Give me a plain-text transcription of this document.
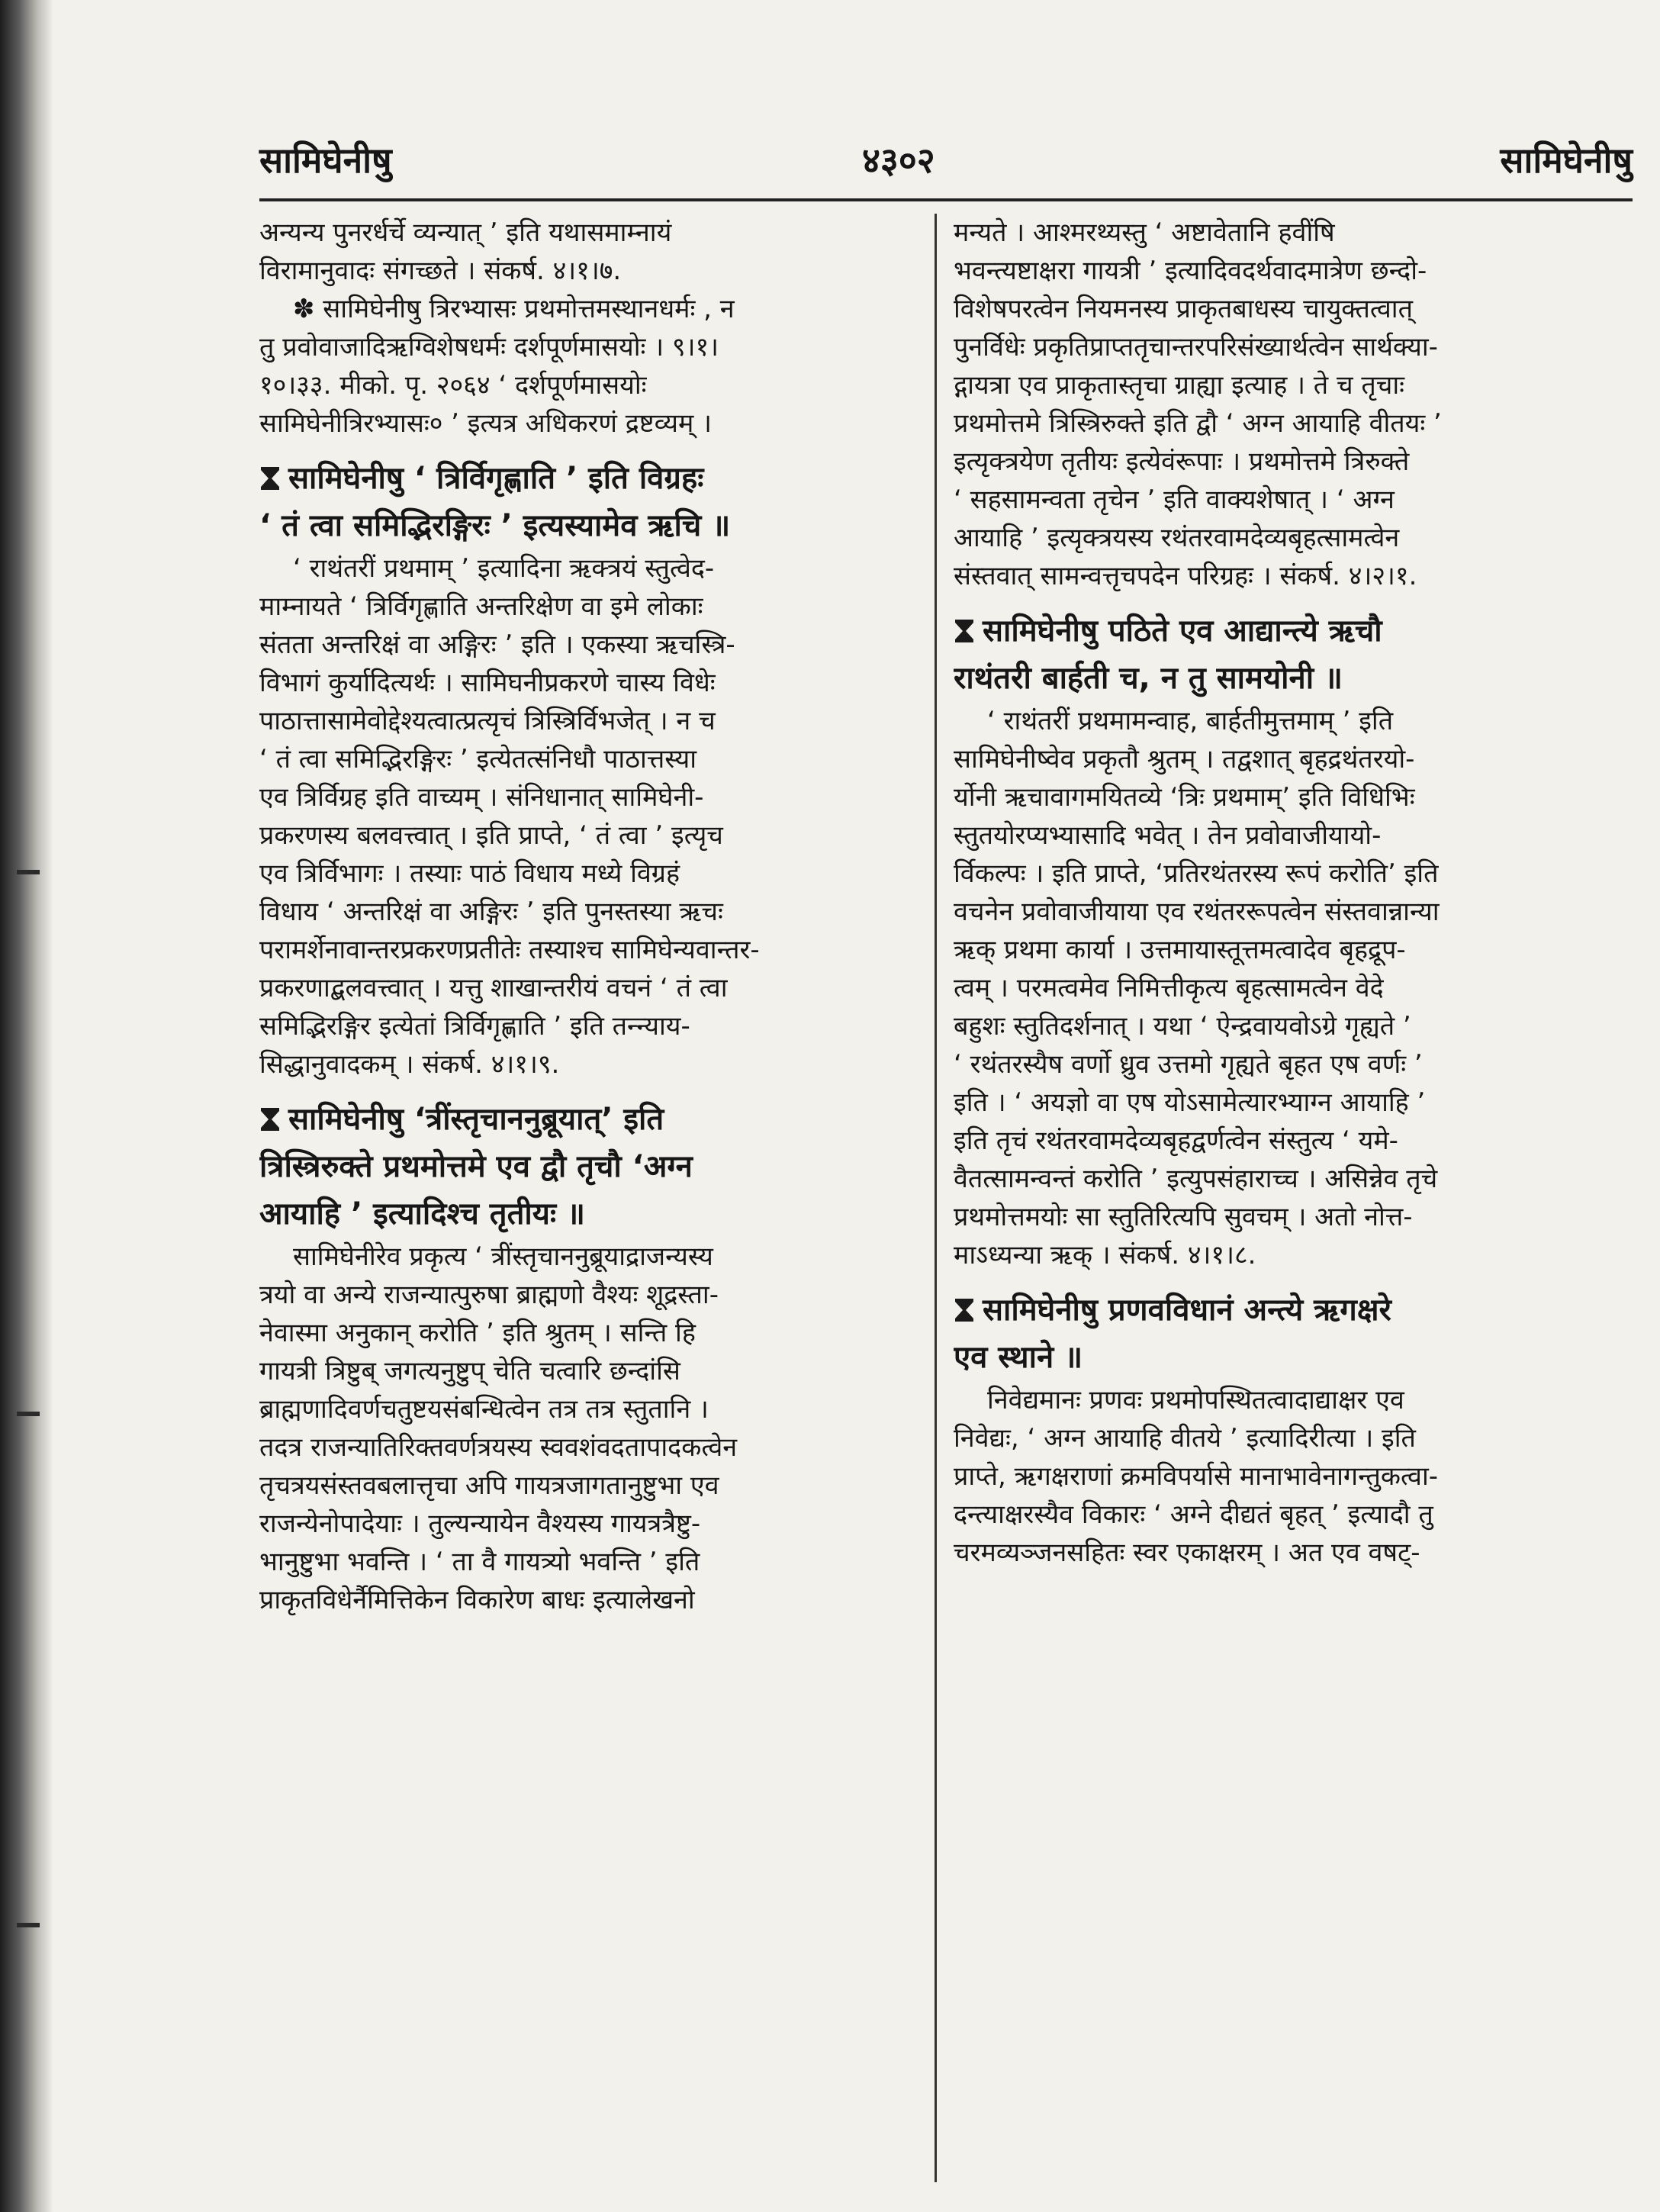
सामिघेनीषु	४३०२	सामिघेनीषु
अन्यन्य पुनरर्धर्चे व्यन्यात् ’ इति यथासमाम्नायं
विरामानुवादः संगच्छते । संकर्ष. ४।१।७.
✽ सामिघेनीषु त्रिरभ्यासः प्रथमोत्तमस्थानधर्मः , न
तु प्रवोवाजादिऋग्विशेषधर्मः दर्शपूर्णमासयोः । ९।१।
१०।३३. मीको. पृ. २०६४ ‘ दर्शपूर्णमासयोः
सामिघेनीत्रिरभ्यासः० ’ इत्यत्र अधिकरणं द्रष्टव्यम् ।
सामिघेनीषु ‘ त्रिर्विगृह्णाति ’ इति विग्रहः
‘ तं त्वा समिद्भिरङ्गिरः ’ इत्यस्यामेव ऋचि ॥
‘ राथंतरीं प्रथमाम् ’ इत्यादिना ऋक्त्रयं स्तुत्वेद-
माम्नायते ‘ त्रिर्विगृह्णाति अन्तरिक्षेण वा इमे लोकाः
संतता अन्तरिक्षं वा अङ्गिरः ’ इति । एकस्या ऋचस्त्रि-
विभागं कुर्यादित्यर्थः । सामिघनीप्रकरणे चास्य विधेः
पाठात्तासामेवोद्देश्यत्वात्प्रत्यृचं त्रिस्त्रिर्विभजेत् । न च
‘ तं त्वा समिद्भिरङ्गिरः ’ इत्येतत्संनिधौ पाठात्तस्या
एव त्रिर्विग्रह इति वाच्यम् । संनिधानात् सामिघेनी-
प्रकरणस्य बलवत्त्वात् । इति प्राप्ते, ‘ तं त्वा ’ इत्यृच
एव त्रिर्विभागः । तस्याः पाठं विधाय मध्ये विग्रहं
विधाय ‘ अन्तरिक्षं वा अङ्गिरः ’ इति पुनस्तस्या ऋचः
परामर्शेनावान्तरप्रकरणप्रतीतेः तस्याश्च सामिघेन्यवान्तर-
प्रकरणाद्बलवत्त्वात् । यत्तु शाखान्तरीयं वचनं ‘ तं त्वा
समिद्भिरङ्गिर इत्येतां त्रिर्विगृह्णाति ’ इति तन्न्याय-
सिद्धानुवादकम् । संकर्ष. ४।१।९.
सामिघेनीषु ‘त्रींस्तृचाननुब्रूयात्’ इति
त्रिस्त्रिरुक्ते प्रथमोत्तमे एव द्वौ तृचौ ‘अग्न
आयाहि ’ इत्यादिश्च तृतीयः ॥
सामिघेनीरेव प्रकृत्य ‘ त्रींस्तृचाननुब्रूयाद्राजन्यस्य
त्रयो वा अन्ये राजन्यात्पुरुषा ब्राह्मणो वैश्यः शूद्रस्ता-
नेवास्मा अनुकान् करोति ’ इति श्रुतम् । सन्ति हि
गायत्री त्रिष्टुब् जगत्यनुष्टुप् चेति चत्वारि छन्दांसि
ब्राह्मणादिवर्णचतुष्टयसंबन्धित्वेन तत्र तत्र स्तुतानि ।
तदत्र राजन्यातिरिक्तवर्णत्रयस्य स्ववशंवदतापादकत्वेन
तृचत्रयसंस्तवबलात्तृचा अपि गायत्रजागतानुष्टुभा एव
राजन्येनोपादेयाः । तुल्यन्यायेन वैश्यस्य गायत्रत्रैष्टु-
भानुष्टुभा भवन्ति । ‘ ता वै गायत्र्यो भवन्ति ’ इति
प्राकृतविधेर्नैमित्तिकेन विकारेण बाधः इत्यालेखनो
मन्यते । आश्मरथ्यस्तु ‘ अष्टावेतानि हवींषि
भवन्त्यष्टाक्षरा गायत्री ’ इत्यादिवदर्थवादमात्रेण छन्दो-
विशेषपरत्वेन नियमनस्य प्राकृतबाधस्य चायुक्तत्वात्
पुनर्विधेः प्रकृतिप्राप्ततृचान्तरपरिसंख्यार्थत्वेन सार्थक्या-
द्गायत्रा एव प्राकृतास्तृचा ग्राह्या इत्याह । ते च तृचाः
प्रथमोत्तमे त्रिस्त्रिरुक्ते इति द्वौ ‘ अग्न आयाहि वीतयः ’
इत्यृक्त्रयेण तृतीयः इत्येवंरूपाः । प्रथमोत्तमे त्रिरुक्ते
‘ सहसामन्वता तृचेन ’ इति वाक्यशेषात् । ‘ अग्न
आयाहि ’ इत्यृक्त्रयस्य रथंतरवामदेव्यबृहत्सामत्वेन
संस्तवात् सामन्वत्तृचपदेन परिग्रहः । संकर्ष. ४।२।१.
सामिघेनीषु पठिते एव आद्यान्त्ये ऋचौ
राथंतरी बार्हती च, न तु सामयोनी ॥
‘ राथंतरीं प्रथमामन्वाह, बार्हतीमुत्तमाम् ’ इति
सामिघेनीष्वेव प्रकृतौ श्रुतम् । तद्वशात् बृहद्रथंतरयो-
र्योनी ऋचावागमयितव्ये ‘त्रिः प्रथमाम्’ इति विधिभिः
स्तुतयोरप्यभ्यासादि भवेत् । तेन प्रवोवाजीयायो-
र्विकल्पः । इति प्राप्ते, ‘प्रतिरथंतरस्य रूपं करोति’ इति
वचनेन प्रवोवाजीयाया एव रथंतररूपत्वेन संस्तवान्नान्या
ऋक् प्रथमा कार्या । उत्तमायास्तूत्तमत्वादेव बृहद्रूप-
त्वम् । परमत्वमेव निमित्तीकृत्य बृहत्सामत्वेन वेदे
बहुशः स्तुतिदर्शनात् । यथा ‘ ऐन्द्रवायवोऽग्रे गृह्यते ’
‘ रथंतरस्यैष वर्णो ध्रुव उत्तमो गृह्यते बृहत एष वर्णः ’
इति । ‘ अयज्ञो वा एष योऽसामेत्यारभ्याग्न आयाहि ’
इति तृचं रथंतरवामदेव्यबृहद्वर्णत्वेन संस्तुत्य ‘ यमे-
वैतत्सामन्वन्तं करोति ’ इत्युपसंहाराच्च । असिन्नेव तृचे
प्रथमोत्तमयोः सा स्तुतिरित्यपि सुवचम् । अतो नोत्त-
माऽध्यन्या ऋक् । संकर्ष. ४।१।८.
सामिघेनीषु प्रणवविधानं अन्त्ये ऋगक्षरे
एव स्थाने ॥
निवेद्यमानः प्रणवः प्रथमोपस्थितत्वादाद्याक्षर एव
निवेद्यः, ‘ अग्न आयाहि वीतये ’ इत्यादिरीत्या । इति
प्राप्ते, ऋगक्षराणां क्रमविपर्यासे मानाभावेनागन्तुकत्वा-
दन्त्याक्षरस्यैव विकारः ‘ अग्ने दीद्यतं बृहत् ’ इत्यादौ तु
चरमव्यञ्जनसहितः स्वर एकाक्षरम् । अत एव वषट्-
